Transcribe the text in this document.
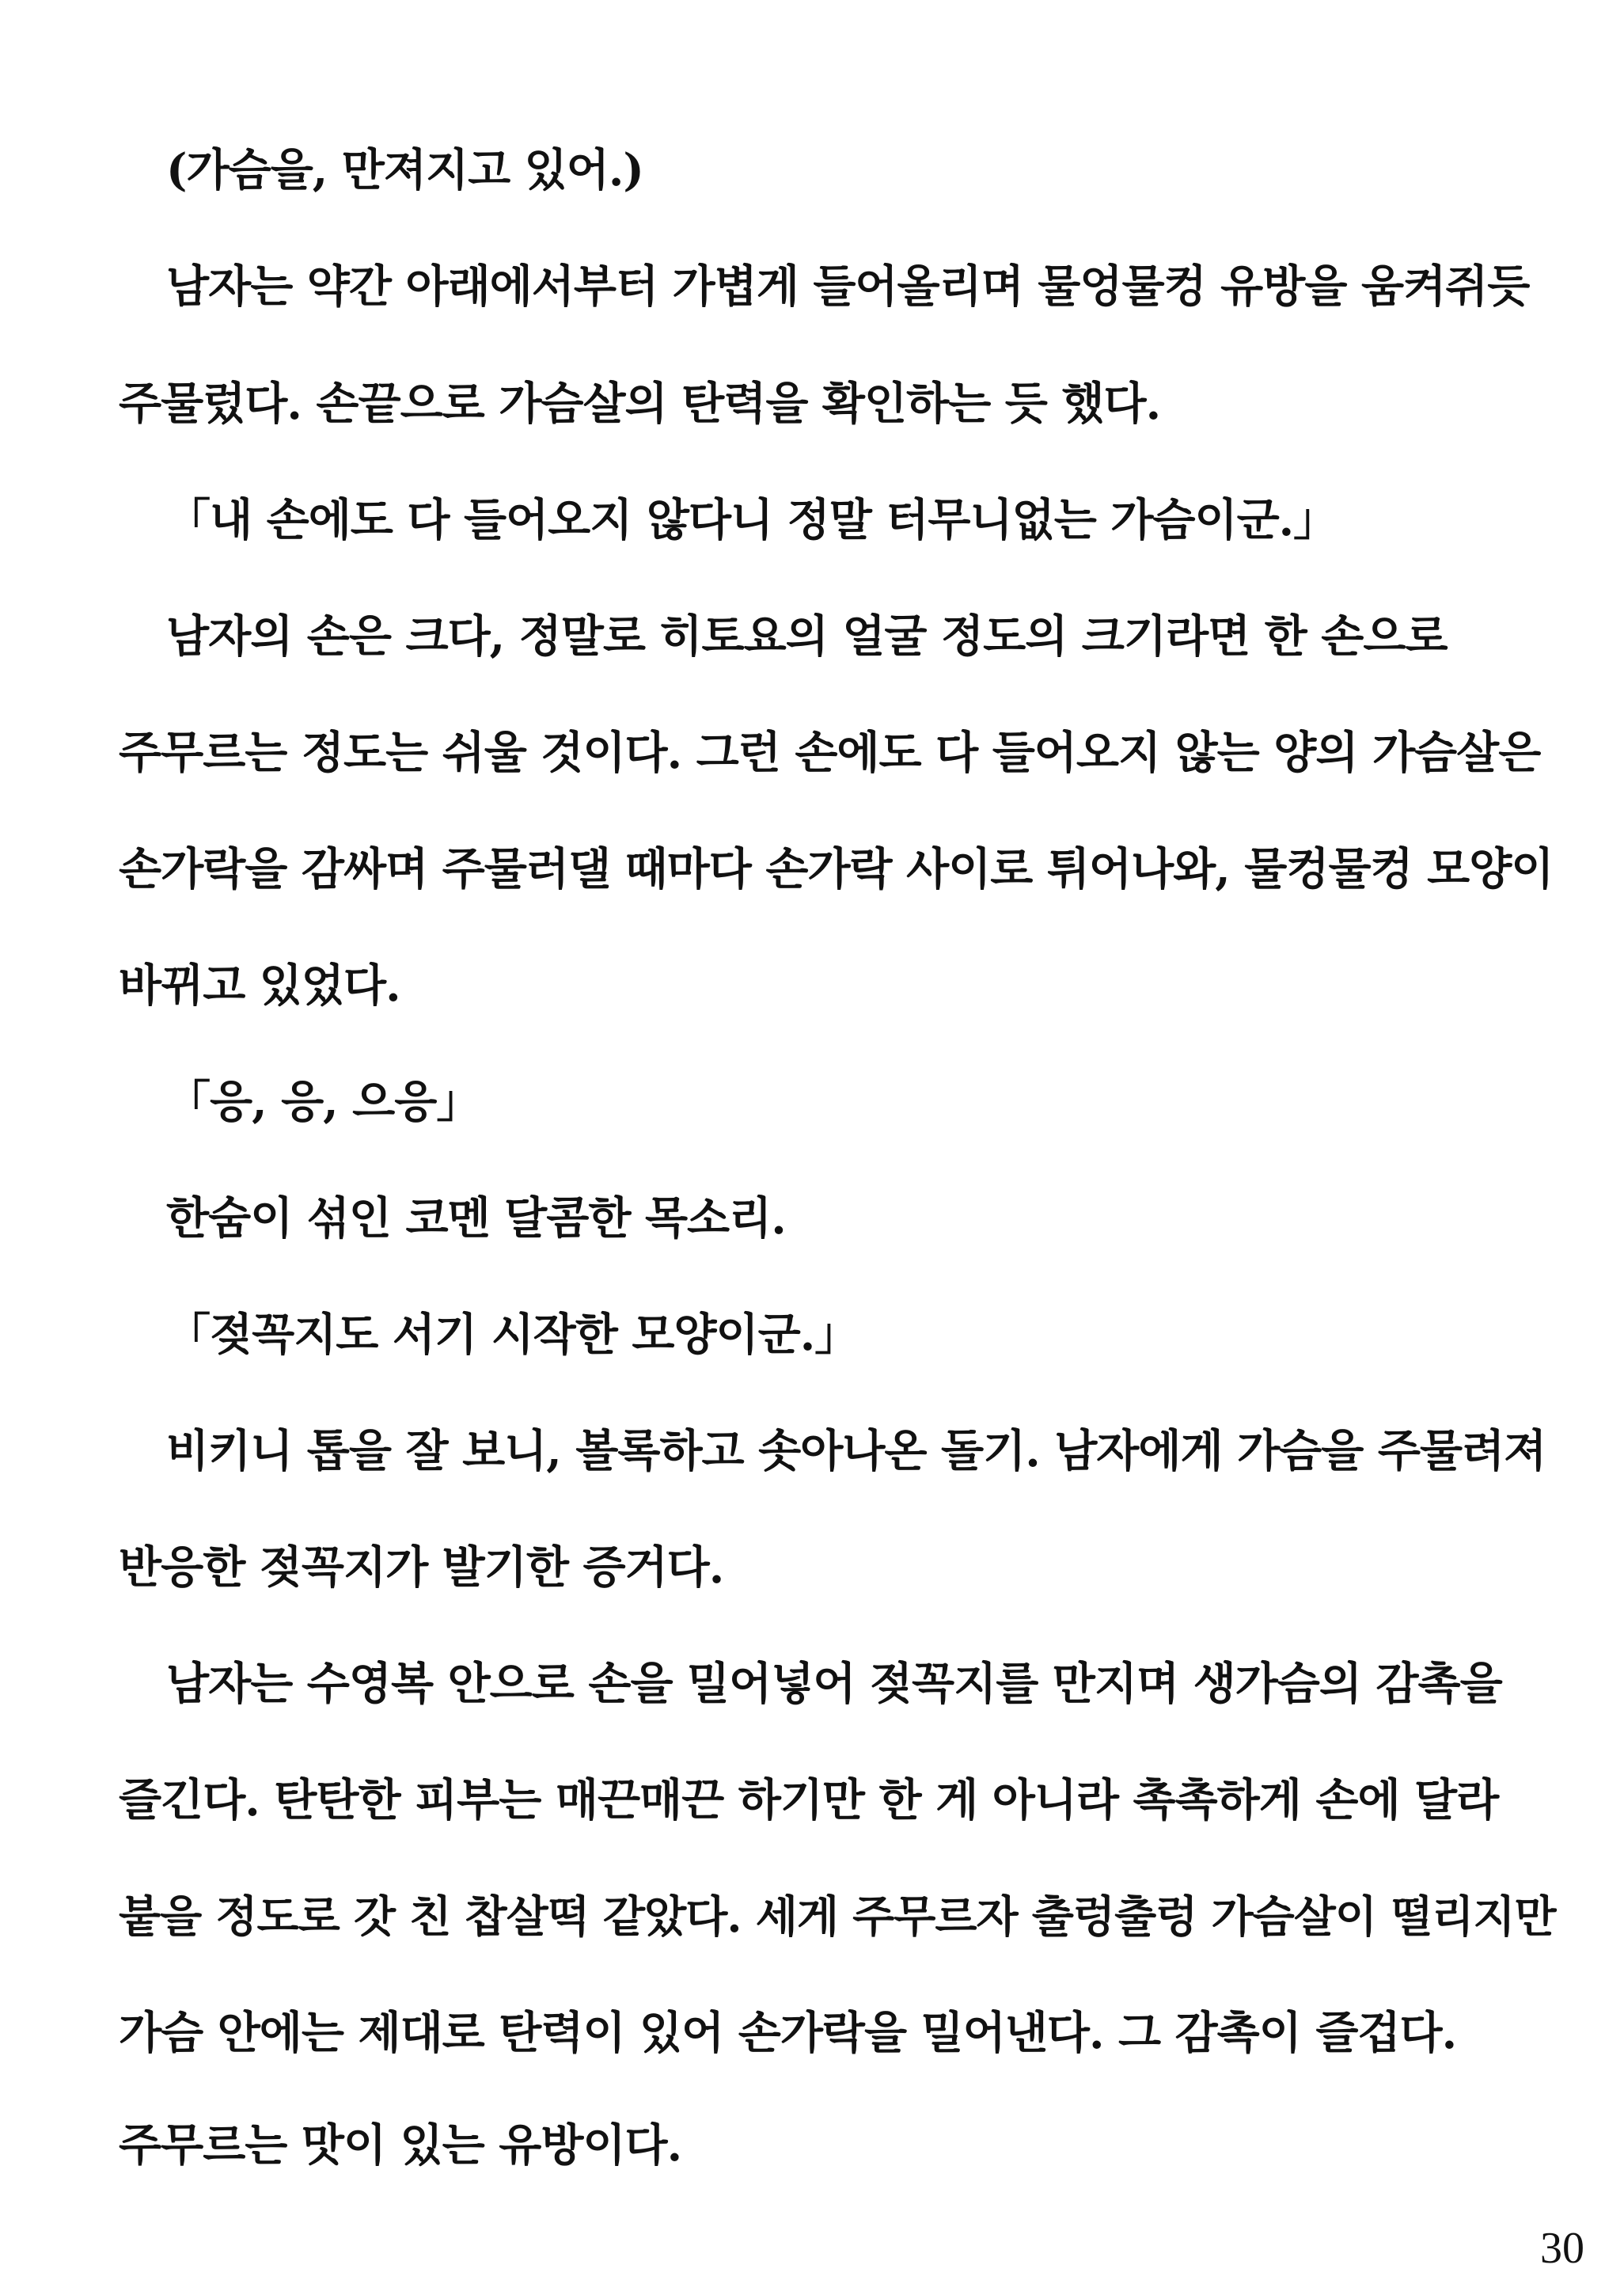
(가슴을, 만져지고 있어.)
남자는 약간 아래에서부터 가볍게 들어올리며 물엉물컹 유방을 움켜쥐듯
주물렀다. 손끝으로 가슴살의 탄력을 확인하는 듯 했다.
「내 손에도 다 들어오지 않다니 정말 터무니없는 가슴이군.」
남자의 손은 크다, 정말로 히토요의 얼굴 정도의 크기라면 한 손으로
주무르는 정도는 쉬울 것이다. 그런 손에도 다 들어오지 않는 양의 가슴살은
손가락을 감싸며 주물러댈 때마다 손가락 사이로 튀어나와, 물컹물컹 모양이
바뀌고 있었다.
「응, 응, 으응」
한숨이 섞인 코멘 달콤한 목소리.
「젖꼭지도 서기 시작한 모양이군.」
비키니 톱을 잘 보니, 볼록하고 솟아나온 돌기. 남자에게 가슴을 주물려져
반응한 젖꼭지가 발기한 증거다.
남자는 수영복 안으로 손을 밀어넣어 젖꼭지를 만지며 생가슴의 감촉을
즐긴다. 탄탄한 피부는 매끈매끈 하기만 한 게 아니라 촉촉하게 손에 달라
붙을 정도로 갓 친 찹살떡 같았다. 세게 주무르자 출렁출렁 가슴살이 떨리지만
가슴 안에는 제대로 탄력이 있어 손가락을 밀어낸다. 그 감촉이 즐겁다.
주무르는 맛이 있는 유방이다.
30
